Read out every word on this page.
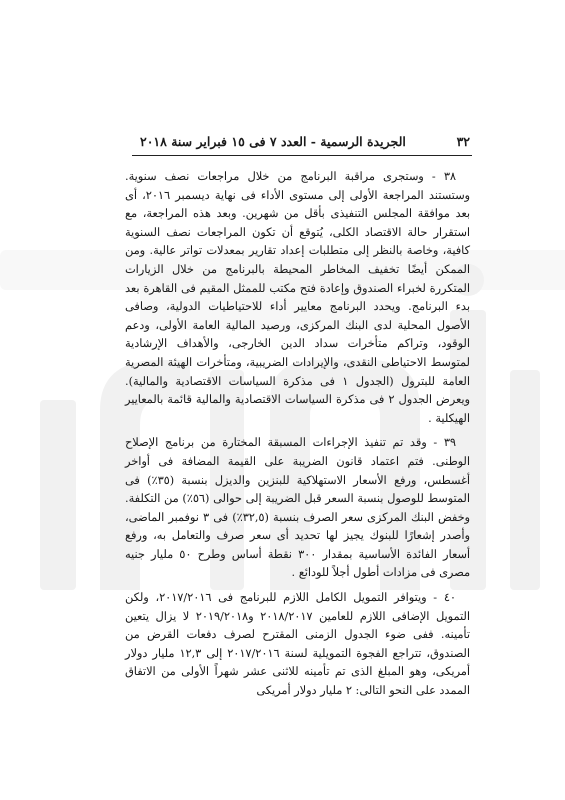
٣٢
الجريدة الرسمية - العدد ٧ فى ١٥ فبراير سنة ٢٠١٨

٣٨ - وستجرى مراقبة البرنامج من خلال مراجعات نصف سنوية. وستستند المراجعة الأولى إلى مستوى الأداء فى نهاية ديسمبر ٢٠١٦، أى بعد موافقة المجلس التنفيذى بأقل من شهرين. وبعد هذه المراجعة، مع استقرار حالة الاقتصاد الكلى، يُتوقع أن تكون المراجعات نصف السنوية كافية، وخاصة بالنظر إلى متطلبات إعداد تقارير بمعدلات تواتر عالية. ومن الممكن أيضًا تخفيف المخاطر المحيطة بالبرنامج من خلال الزيارات المتكررة لخبراء الصندوق وإعادة فتح مكتب للممثل المقيم فى القاهرة بعد بدء البرنامج. ويحدد البرنامج معايير أداء للاحتياطيات الدولية، وصافى الأصول المحلية لدى البنك المركزى، ورصيد المالية العامة الأولى، ودعم الوقود، وتراكم متأخرات سداد الدين الخارجى، والأهداف الإرشادية لمتوسط الاحتياطى النقدى، والإيرادات الضريبية، ومتأخرات الهيئة المصرية العامة للبترول (الجدول ١ فى مذكرة السياسات الاقتصادية والمالية). ويعرض الجدول ٢ فى مذكرة السياسات الاقتصادية والمالية قائمة بالمعايير الهيكلية .

٣٩ - وقد تم تنفيذ الإجراءات المسبقة المختارة من برنامج الإصلاح الوطنى. فتم اعتماد قانون الضريبة على القيمة المضافة فى أواخر أغسطس، ورفع الأسعار الاستهلاكية للبنزين والديزل بنسبة (٣٥٪) فى المتوسط للوصول بنسبة السعر قبل الضريبة إلى حوالى (٥٦٪) من التكلفة. وخفض البنك المركزى سعر الصرف بنسبة (٣٢,٥٪) فى ٣ نوفمبر الماضى، وأصدر إشعارًا للبنوك يجيز لها تحديد أى سعر صرف والتعامل به، ورفع أسعار الفائدة الأساسية بمقدار ٣٠٠ نقطة أساس وطرح ٥٠ مليار جنيه مصرى فى مزادات أطول أجلاً للودائع .

٤٠ - ويتوافر التمويل الكامل اللازم للبرنامج فى ٢٠١٧/٢٠١٦، ولكن التمويل الإضافى اللازم للعامين ٢٠١٨/٢٠١٧ و٢٠١٩/٢٠١٨ لا يزال يتعين تأمينه. ففى ضوء الجدول الزمنى المقترح لصرف دفعات القرض من الصندوق، تتراجع الفجوة التمويلية لسنة ٢٠١٧/٢٠١٦ إلى ١٢,٣ مليار دولار أمريكى، وهو المبلغ الذى تم تأمينه للاثنى عشر شهراً الأولى من الاتفاق الممدد على النحو التالى: ٢ مليار دولار أمريكى
